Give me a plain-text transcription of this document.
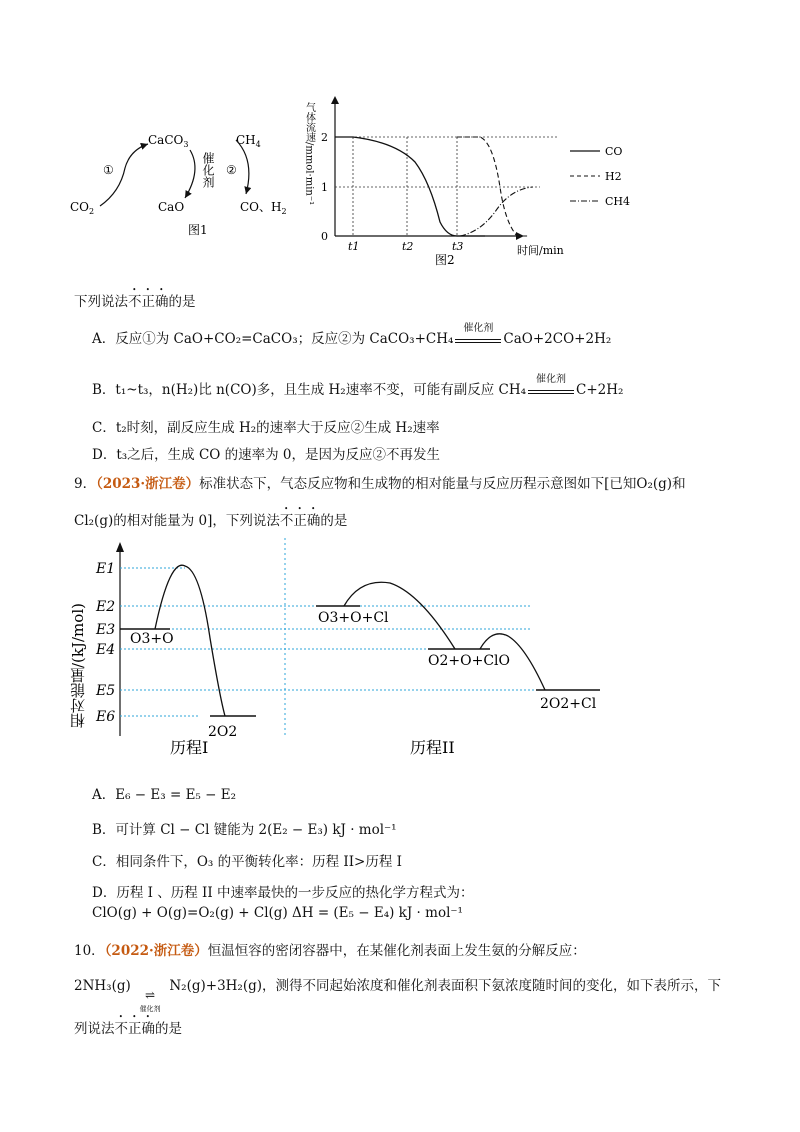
CaCO$_3$	$CH_4$
$CO_2$	CaO	CO、$H_2$
①	②
催化剂
图1
2
1
0
t1	t2	t3	时间/min
气体流速/mmol·min⁻¹
图2
CO
H2
CH4
下列说法不正确的是
A．反应①为 CaO+CO₂=CaCO₃；反应②为 CaCO₃+CH₄
催化剂
CaO+2CO+2H₂
B．t₁~t₃，n(H₂)比 n(CO)多，且生成 H₂速率不变，可能有副反应 CH₄
催化剂
C+2H₂
C．t₂时刻，副反应生成 H₂的速率大于反应②生成 H₂速率
D．t₃之后，生成 CO 的速率为 0，是因为反应②不再发生
9．（2023·浙江卷）标准状态下，气态反应物和生成物的相对能量与反应历程示意图如下[已知O₂(g)和
Cl₂(g)的相对能量为 0]，下列说法不正确的是
相对能量/(kJ/mol)
E1
E2
E3
E4
E5
E6
O3+O
2O2
历程I
O3+O+Cl
O2+O+ClO
2O2+Cl
历程II
A．E₆ − E₃ = E₅ − E₂
B．可计算 Cl − Cl 键能为 2(E₂ − E₃) kJ · mol⁻¹
C．相同条件下，O₃ 的平衡转化率：历程 II>历程 I
D．历程 I 、历程 II 中速率最快的一步反应的热化学方程式为：
ClO(g) + O(g)=O₂(g) + Cl(g) ΔH = (E₅ − E₄) kJ · mol⁻¹
10．（2022·浙江卷）恒温恒容的密闭容器中，在某催化剂表面上发生氨的分解反应：
2NH₃(g)
⇌
催化剂
N₂(g)+3H₂(g)，测得不同起始浓度和催化剂表面积下氨浓度随时间的变化，如下表所示，下
列说法不正确的是
